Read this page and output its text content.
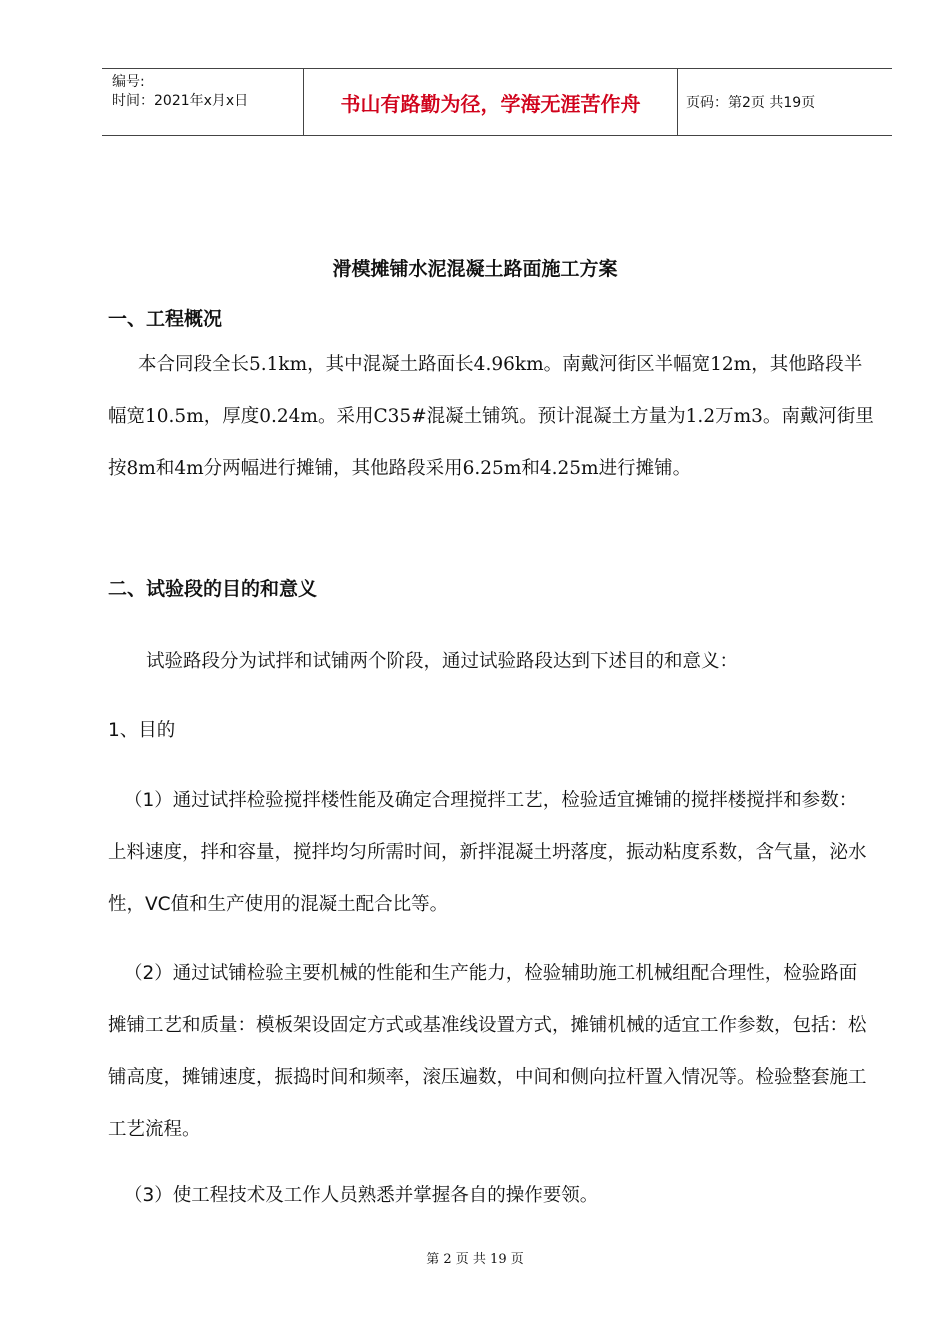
编号:
时间：2021年x月x日	书山有路勤为径，学海无涯苦作舟	页码：第2页 共19页
滑模摊铺水泥混凝土路面施工方案
一、工程概况
本合同段全长5.1km，其中混凝土路面长4.96km。南戴河街区半幅宽12m，其他路段半幅宽10.5m，厚度0.24m。采用C35#混凝土铺筑。预计混凝土方量为1.2万m3。南戴河街里按8m和4m分两幅进行摊铺，其他路段采用6.25m和4.25m进行摊铺。
二、试验段的目的和意义
试验路段分为试拌和试铺两个阶段，通过试验路段达到下述目的和意义：
1、目的
（1）通过试拌检验搅拌楼性能及确定合理搅拌工艺，检验适宜摊铺的搅拌楼搅拌和参数：上料速度，拌和容量，搅拌均匀所需时间，新拌混凝土坍落度，振动粘度系数，含气量，泌水性，VC值和生产使用的混凝土配合比等。
（2）通过试铺检验主要机械的性能和生产能力，检验辅助施工机械组配合理性，检验路面摊铺工艺和质量：模板架设固定方式或基准线设置方式，摊铺机械的适宜工作参数，包括：松铺高度，摊铺速度，振捣时间和频率，滚压遍数，中间和侧向拉杆置入情况等。检验整套施工工艺流程。
（3）使工程技术及工作人员熟悉并掌握各自的操作要领。
第 2 页 共 19 页
